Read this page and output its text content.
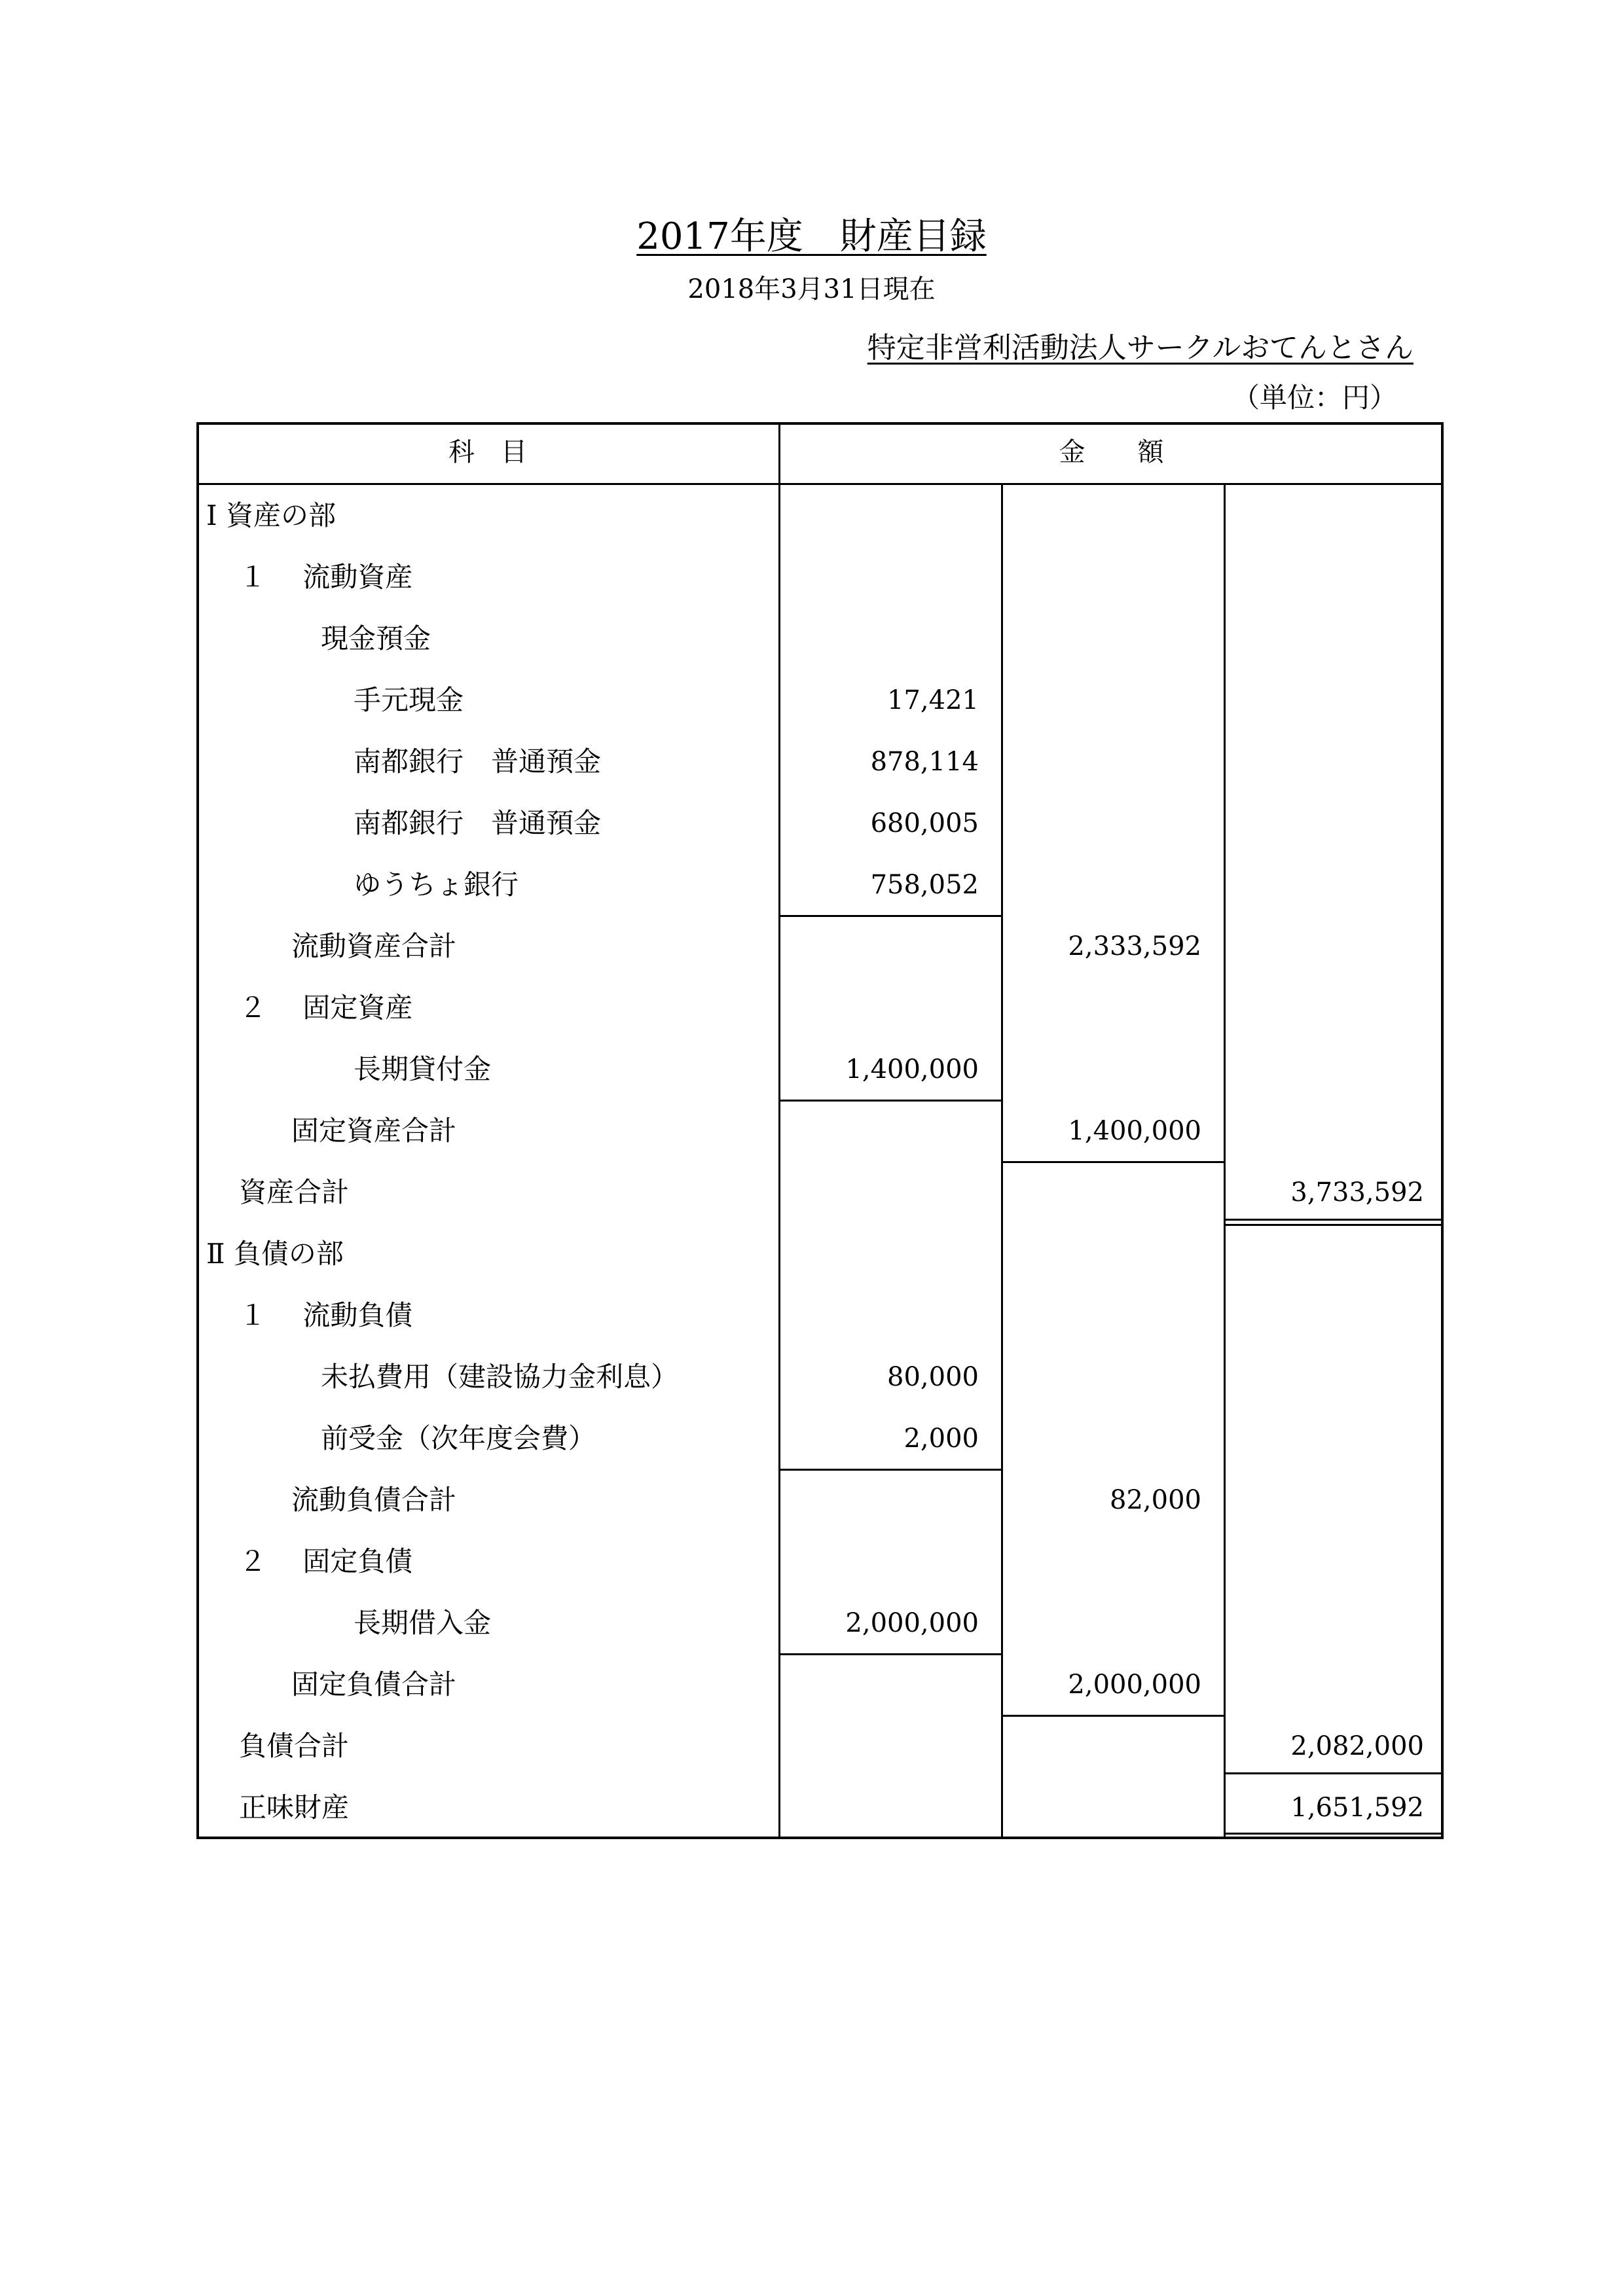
2017年度　財産目録
2018年3月31日現在
特定非営利活動法人サークルおてんとさん
（単位：円）
科　目	金　　額
Ⅰ 資産の部
１　 流動資産
現金預金
手元現金	17,421
南都銀行　普通預金	878,114
南都銀行　普通預金	680,005
ゆうちょ銀行	758,052
流動資産合計	2,333,592
２　 固定資産
長期貸付金	1,400,000
固定資産合計	1,400,000
資産合計	3,733,592
Ⅱ 負債の部
１　 流動負債
未払費用（建設協力金利息）	80,000
前受金（次年度会費）	2,000
流動負債合計	82,000
２　 固定負債
長期借入金	2,000,000
固定負債合計	2,000,000
負債合計	2,082,000
正味財産	1,651,592
